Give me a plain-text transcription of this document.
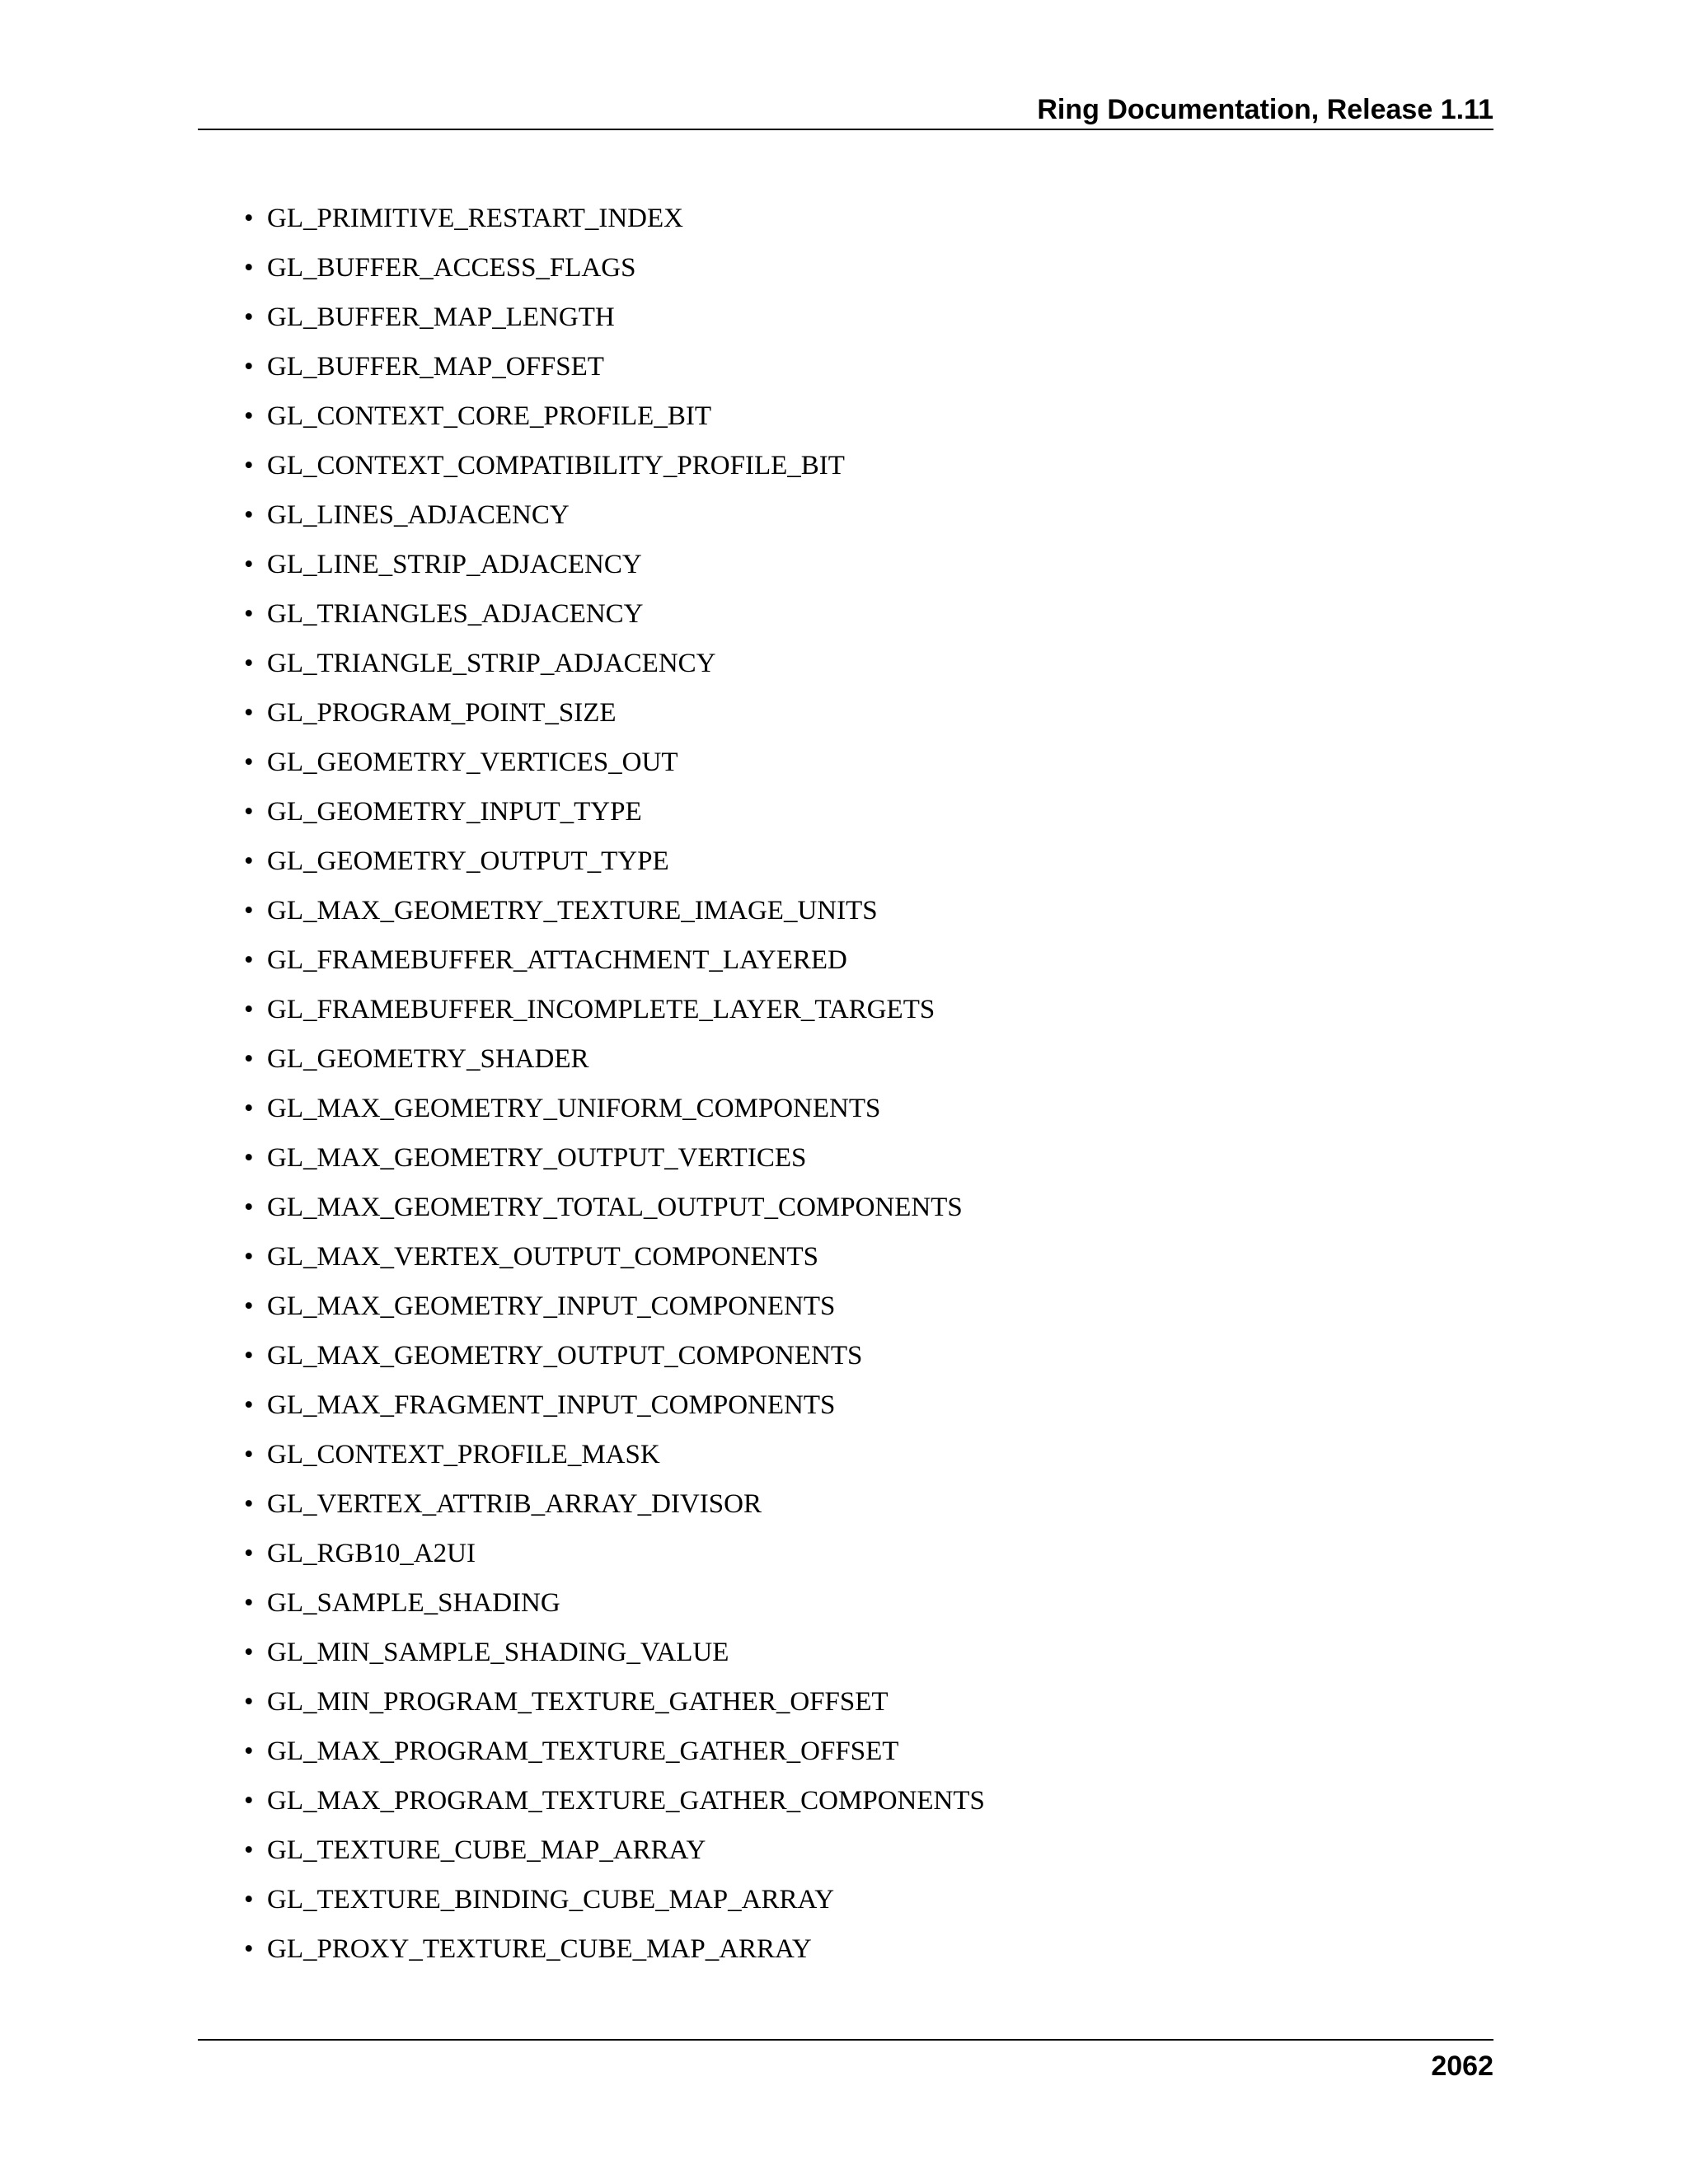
Ring Documentation, Release 1.11
• GL_PRIMITIVE_RESTART_INDEX
• GL_BUFFER_ACCESS_FLAGS
• GL_BUFFER_MAP_LENGTH
• GL_BUFFER_MAP_OFFSET
• GL_CONTEXT_CORE_PROFILE_BIT
• GL_CONTEXT_COMPATIBILITY_PROFILE_BIT
• GL_LINES_ADJACENCY
• GL_LINE_STRIP_ADJACENCY
• GL_TRIANGLES_ADJACENCY
• GL_TRIANGLE_STRIP_ADJACENCY
• GL_PROGRAM_POINT_SIZE
• GL_GEOMETRY_VERTICES_OUT
• GL_GEOMETRY_INPUT_TYPE
• GL_GEOMETRY_OUTPUT_TYPE
• GL_MAX_GEOMETRY_TEXTURE_IMAGE_UNITS
• GL_FRAMEBUFFER_ATTACHMENT_LAYERED
• GL_FRAMEBUFFER_INCOMPLETE_LAYER_TARGETS
• GL_GEOMETRY_SHADER
• GL_MAX_GEOMETRY_UNIFORM_COMPONENTS
• GL_MAX_GEOMETRY_OUTPUT_VERTICES
• GL_MAX_GEOMETRY_TOTAL_OUTPUT_COMPONENTS
• GL_MAX_VERTEX_OUTPUT_COMPONENTS
• GL_MAX_GEOMETRY_INPUT_COMPONENTS
• GL_MAX_GEOMETRY_OUTPUT_COMPONENTS
• GL_MAX_FRAGMENT_INPUT_COMPONENTS
• GL_CONTEXT_PROFILE_MASK
• GL_VERTEX_ATTRIB_ARRAY_DIVISOR
• GL_RGB10_A2UI
• GL_SAMPLE_SHADING
• GL_MIN_SAMPLE_SHADING_VALUE
• GL_MIN_PROGRAM_TEXTURE_GATHER_OFFSET
• GL_MAX_PROGRAM_TEXTURE_GATHER_OFFSET
• GL_MAX_PROGRAM_TEXTURE_GATHER_COMPONENTS
• GL_TEXTURE_CUBE_MAP_ARRAY
• GL_TEXTURE_BINDING_CUBE_MAP_ARRAY
• GL_PROXY_TEXTURE_CUBE_MAP_ARRAY
2062
